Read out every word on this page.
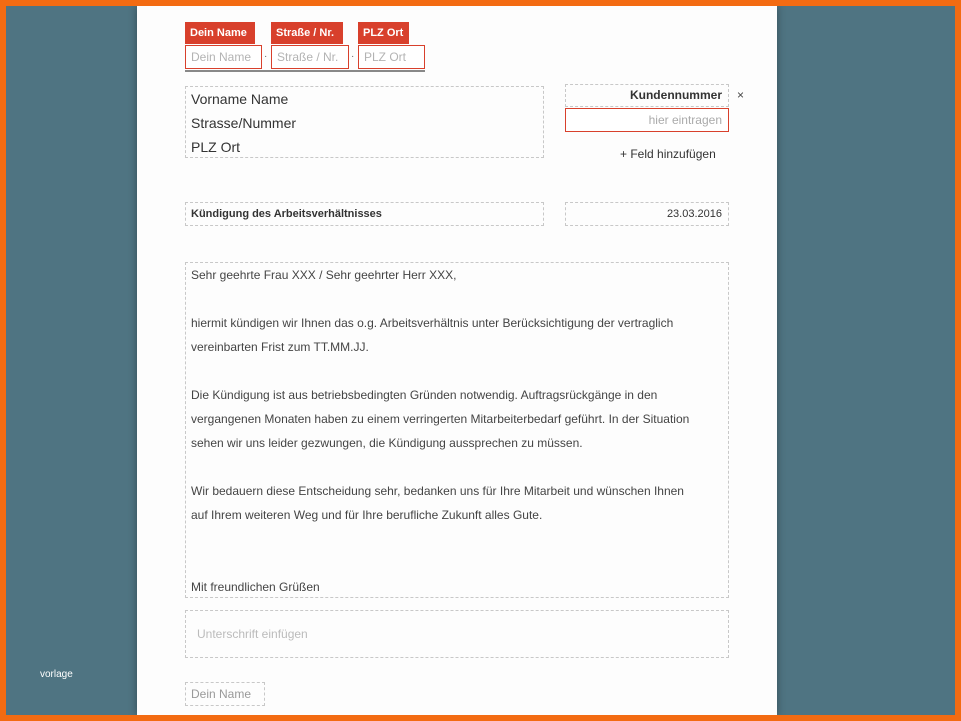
Dein Name	Straße / Nr.	PLZ Ort
Dein Name	· Straße / Nr.	· PLZ Ort
Vorname Name
Strasse/Nummer
PLZ Ort
Kundennummer ×
hier eintragen
+ Feld hinzufügen
Kündigung des Arbeitsverhältnisses	23.03.2016

Sehr geehrte Frau XXX / Sehr geehrter Herr XXX,

hiermit kündigen wir Ihnen das o.g. Arbeitsverhältnis unter Berücksichtigung der vertraglich

vereinbarten Frist zum TT.MM.JJ.

Die Kündigung ist aus betriebsbedingten Gründen notwendig. Auftragsrückgänge in den

vergangenen Monaten haben zu einem verringerten Mitarbeiterbedarf geführt. In der Situation

sehen wir uns leider gezwungen, die Kündigung aussprechen zu müssen.

Wir bedauern diese Entscheidung sehr, bedanken uns für Ihre Mitarbeit und wünschen Ihnen

auf Ihrem weiteren Weg und für Ihre berufliche Zukunft alles Gute.

Mit freundlichen Grüßen

Unterschrift einfügen
Dein Name
vorlage
